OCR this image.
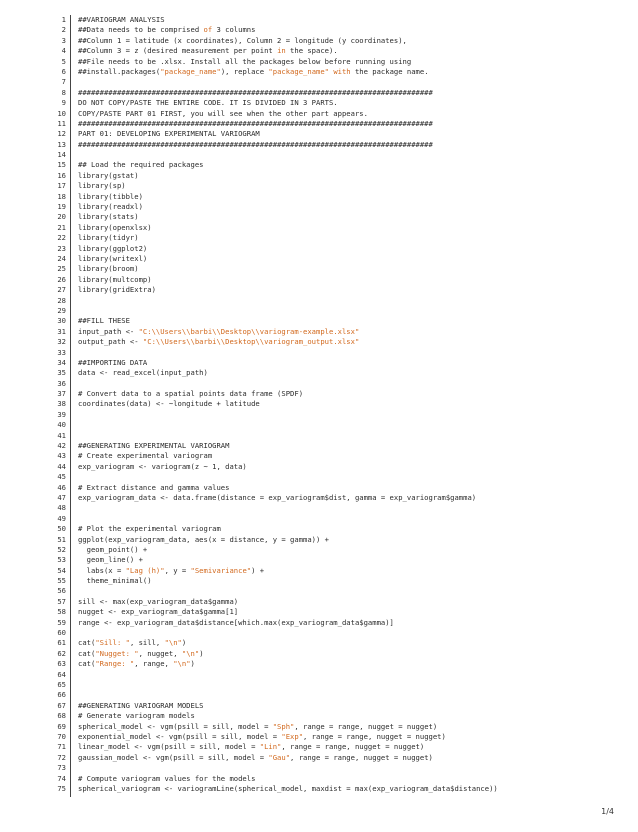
1 ##VARIOGRAM ANALYSIS
2 ##Data needs to be comprised of 3 columns
3 ##Column 1 = latitude (x coordinates), Column 2 = longitude (y coordinates),
4 ##Column 3 = z (desired measurement per point in the space).
5 ##File needs to be .xlsx. Install all the packages below before running using
6 ##install.packages("package_name"), replace "package_name" with the package name.
7
8 ##################################################################################
9 DO NOT COPY/PASTE THE ENTIRE CODE. IT IS DIVIDED IN 3 PARTS.
10 COPY/PASTE PART 01 FIRST, you will see when the other part appears.
11 ##################################################################################
12 PART 01: DEVELOPING EXPERIMENTAL VARIOGRAM
13 ##################################################################################
14
15 ## Load the required packages
16 library(gstat)
17 library(sp)
18 library(tibble)
19 library(readxl)
20 library(stats)
21 library(openxlsx)
22 library(tidyr)
23 library(ggplot2)
24 library(writexl)
25 library(broom)
26 library(multcomp)
27 library(gridExtra)
28
29
30 ##FILL THESE
31 input_path <- "C:\\Users\\barbi\\Desktop\\variogram-example.xlsx"
32 output_path <- "C:\\Users\\barbi\\Desktop\\variogram_output.xlsx"
33
34 ##IMPORTING DATA
35 data <- read_excel(input_path)
36
37 # Convert data to a spatial points data frame (SPDF)
38 coordinates(data) <- ~longitude + latitude
39
40
41
42 ##GENERATING EXPERIMENTAL VARIOGRAM
43 # Create experimental variogram
44 exp_variogram <- variogram(z ~ 1, data)
45
46 # Extract distance and gamma values
47 exp_variogram_data <- data.frame(distance = exp_variogram$dist, gamma = exp_variogram$gamma)
48
49
50 # Plot the experimental variogram
51 ggplot(exp_variogram_data, aes(x = distance, y = gamma)) +
52 geom_point() +
53 geom_line() +
54 labs(x = "Lag (h)", y = "Semivariance") +
55 theme_minimal()
56
57 sill <- max(exp_variogram_data$gamma)
58 nugget <- exp_variogram_data$gamma[1]
59 range <- exp_variogram_data$distance[which.max(exp_variogram_data$gamma)]
60
61 cat("Sill: ", sill, "\n")
62 cat("Nugget: ", nugget, "\n")
63 cat("Range: ", range, "\n")
64
65
66
67 ##GENERATING VARIOGRAM MODELS
68 # Generate variogram models
69 spherical_model <- vgm(psill = sill, model = "Sph", range = range, nugget = nugget)
70 exponential_model <- vgm(psill = sill, model = "Exp", range = range, nugget = nugget)
71 linear_model <- vgm(psill = sill, model = "Lin", range = range, nugget = nugget)
72 gaussian_model <- vgm(psill = sill, model = "Gau", range = range, nugget = nugget)
73
74 # Compute variogram values for the models
75 spherical_variogram <- variogramLine(spherical_model, maxdist = max(exp_variogram_data$distance))
1/4
